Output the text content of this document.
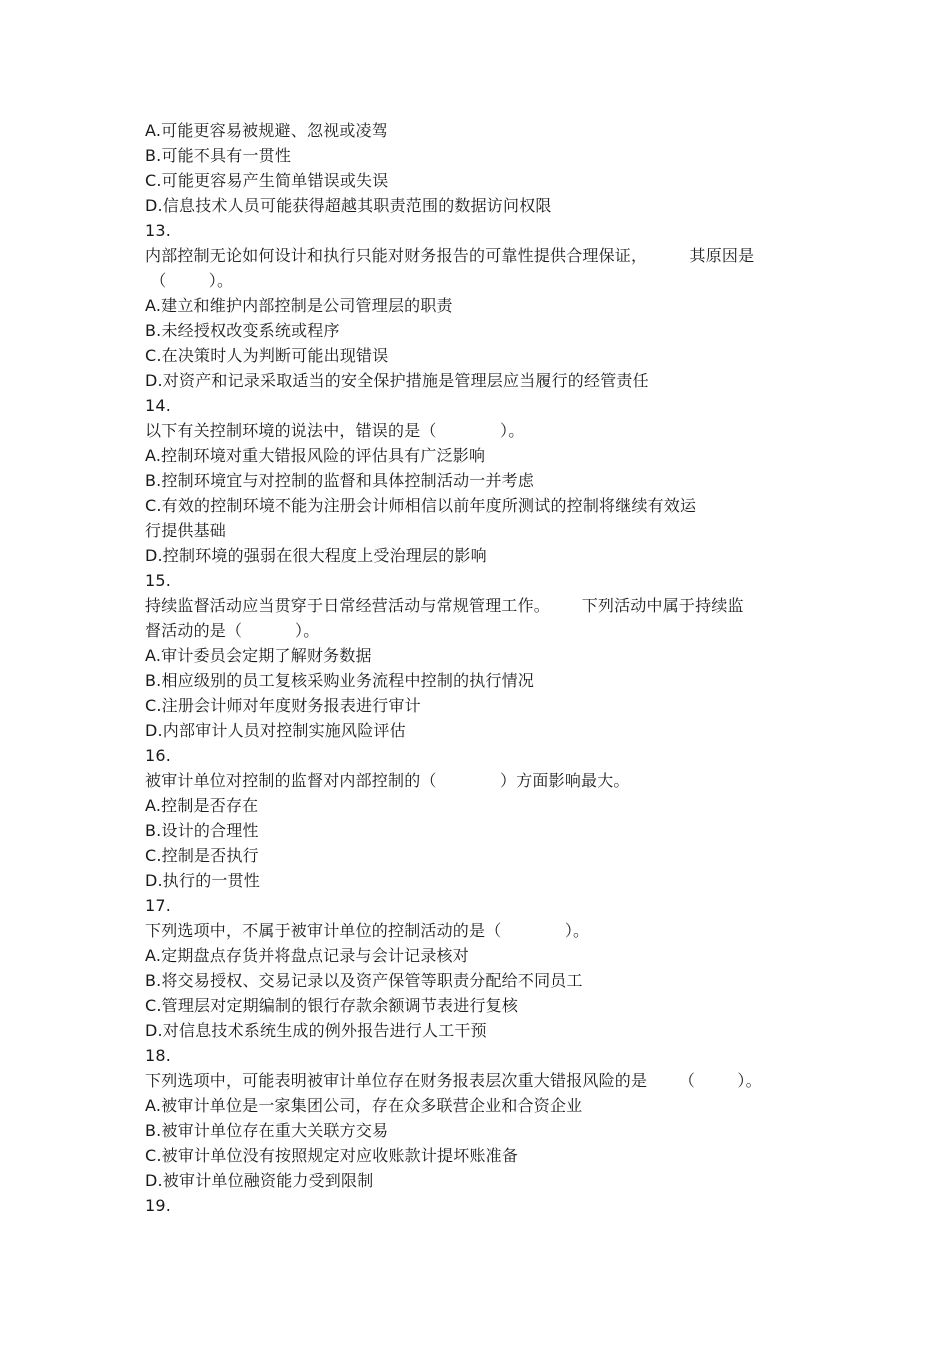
A.可能更容易被规避、忽视或凌驾
B.可能不具有一贯性
C.可能更容易产生简单错误或失误
D.信息技术人员可能获得超越其职责范围的数据访问权限
13.
内部控制无论如何设计和执行只能对财务报告的可靠性提供合理保证，        其原因是
（        ）。
A.建立和维护内部控制是公司管理层的职责
B.未经授权改变系统或程序
C.在决策时人为判断可能出现错误
D.对资产和记录采取适当的安全保护措施是管理层应当履行的经管责任
14.
以下有关控制环境的说法中，错误的是（            ）。
A.控制环境对重大错报风险的评估具有广泛影响
B.控制环境宜与对控制的监督和具体控制活动一并考虑
C.有效的控制环境不能为注册会计师相信以前年度所测试的控制将继续有效运
行提供基础
D.控制环境的强弱在很大程度上受治理层的影响
15.
持续监督活动应当贯穿于日常经营活动与常规管理工作。      下列活动中属于持续监
督活动的是（          ）。
A.审计委员会定期了解财务数据
B.相应级别的员工复核采购业务流程中控制的执行情况
C.注册会计师对年度财务报表进行审计
D.内部审计人员对控制实施风险评估
16.
被审计单位对控制的监督对内部控制的（            ）方面影响最大。
A.控制是否存在
B.设计的合理性
C.控制是否执行
D.执行的一贯性
17.
下列选项中，不属于被审计单位的控制活动的是（            ）。
A.定期盘点存货并将盘点记录与会计记录核对
B.将交易授权、交易记录以及资产保管等职责分配给不同员工
C.管理层对定期编制的银行存款余额调节表进行复核
D.对信息技术系统生成的例外报告进行人工干预
18.
下列选项中，可能表明被审计单位存在财务报表层次重大错报风险的是      （        ）。
A.被审计单位是一家集团公司，存在众多联营企业和合资企业
B.被审计单位存在重大关联方交易
C.被审计单位没有按照规定对应收账款计提坏账准备
D.被审计单位融资能力受到限制
19.
